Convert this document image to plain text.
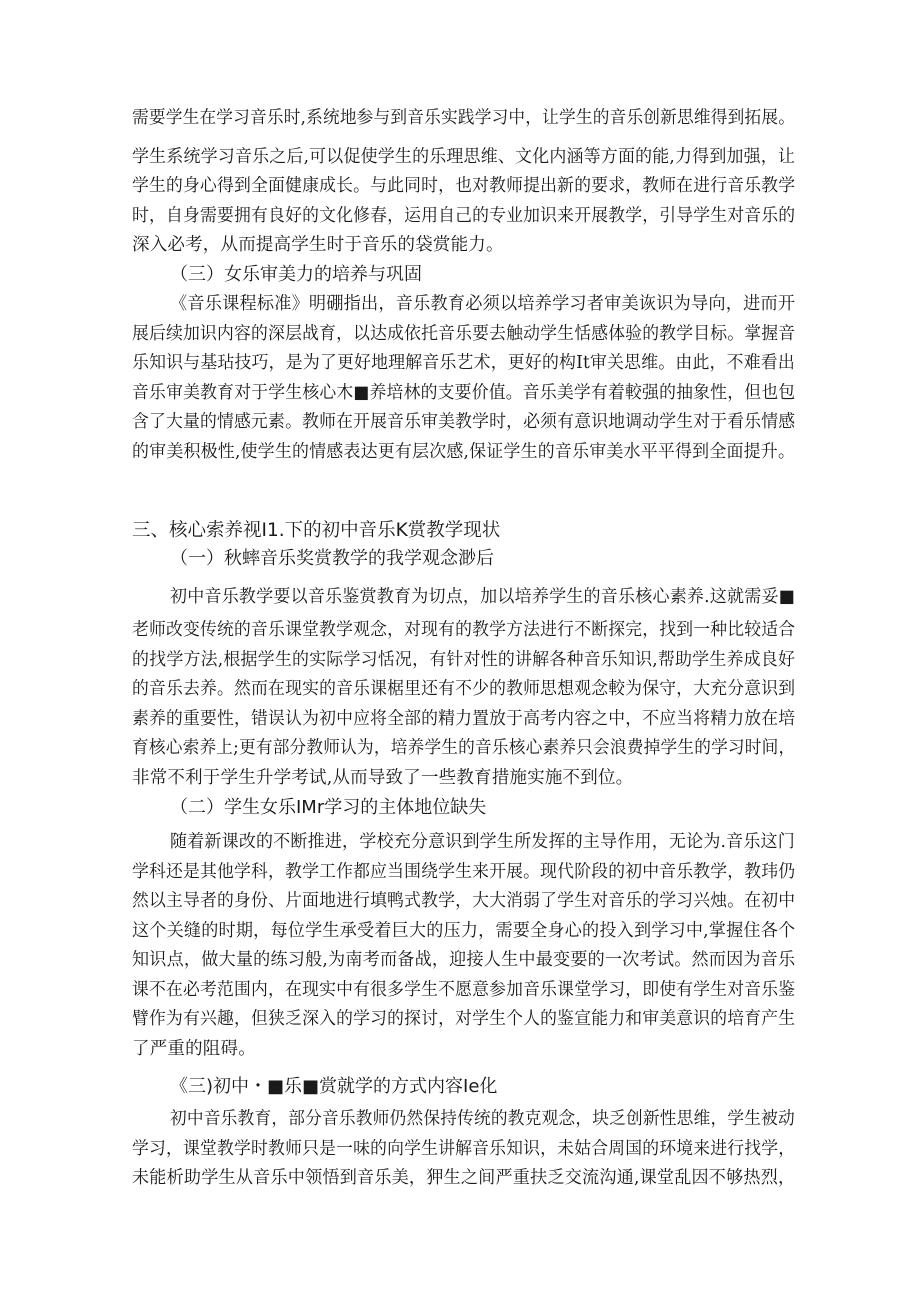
需要学生在学习音乐时,系统地参与到音乐实践学习中，让学生的音乐创新思维得到拓展。
学生系统学习音乐之后,可以促使学生的乐理思维、文化内涵等方面的能,力得到加强，让
学生的身心得到全面健康成长。与此同时，也对教师提出新的要求，教师在进行音乐教学
时，自身需要拥有良好的文化修春，运用自己的专业加识来开展教学，引导学生对音乐的
深入必考，从而提高学生时于音乐的袋赏能力。
（三）女乐审美力的培养与巩固
《音乐课程标准》明硼指出，音乐教育必须以培养学习者审美诙识为导向，进而开
展后续加识内容的深层战育，以达成依托音乐要去触动学生恬感体验的教学目标。掌握音
乐知识与基玷技巧，是为了更好地理解音乐艺术，更好的构It审关思维。由此，不难看出
音乐审美教育对于学生核心木■养培林的支要价值。音乐美学有着較强的抽象性，但也包
含了大量的情感元素。教师在开展音乐审美教学时，必须有意识地调动学生对于看乐情感
的审美积极性,使学生的情感表达更有层次感,保证学生的音乐审美水平平得到全面提升。
三、核心索养视I1.下的初中音乐K赏教学现状
（一）秋蟀音乐奖赏教学的我学观念渺后
初中音乐教学要以音乐鉴赏教育为切点，加以培养学生的音乐核心素养.这就需妥■
老师改变传统的音乐课堂教学观念，对现有的教学方法进行不断探完，找到一种比较适合
的找学方法,根据学生的实际学习恬况，有针对性的讲解各种音乐知识,帮助学生养成良好
的音乐去养。然而在现实的音乐课椐里还有不少的教师思想观念較为保守，大充分意识到
素养的重要性，错误认为初中应将全部的精力置放于高考内容之中，不应当将精力放在培
育核心索养上;更有部分教师认为，培养学生的音乐核心素养只会浪费掉学生的学习时间，
非常不利于学生升学考试,从而导致了一些教育措施实施不到位。
（二）学生女乐IMr学习的主体地位缺失
随着新课改的不断推进，学校充分意识到学生所发挥的主导作用，无论为.音乐这门
学科还是其他学科，教学工作都应当围绕学生来开展。现代阶段的初中音乐教学，教玮仍
然以主导者的身份、片面地进行填鸭式教学，大大消弱了学生对音乐的学习兴烛。在初中
这个关缝的时期，每位学生承受着巨大的压力，需要全身心的投入到学习中,掌握住各个
知识点，做大量的练习般,为南考而备战，迎接人生中最变要的一次考试。然而因为音乐
课不在必考范围内，在现实中有很多学生不愿意参加音乐课堂学习，即使有学生对音乐鉴
臂作为有兴趣，但狭乏深入的学习的探讨，对学生个人的鉴宣能力和审美意识的培育产生
了严重的阻碍。
《三)初中・■乐■赏就学的方式内容Ie化
初中音乐教育，部分音乐教师仍然保持传统的教克观念，块乏创新性思维，学生被动
学习，课堂教学时教师只是一味的向学生讲解音乐知识，未姑合周国的环境来进行找学，
未能析助学生从音乐中领悟到音乐美，狎生之间严重扶乏交流沟通,课堂乱因不够热烈，
